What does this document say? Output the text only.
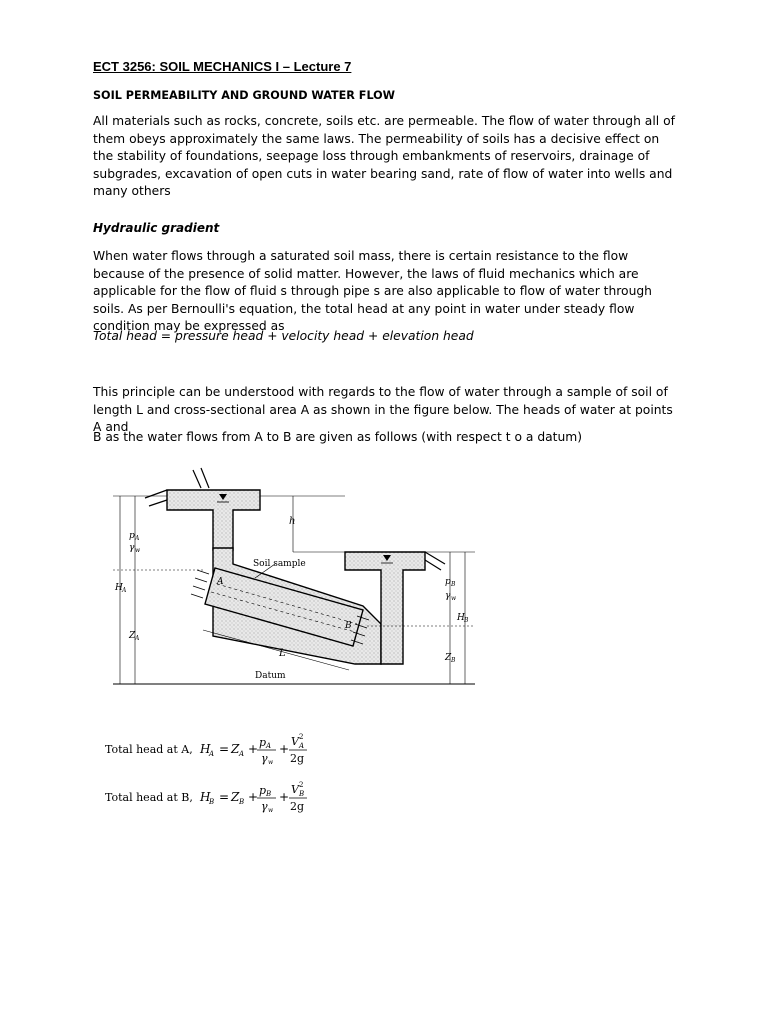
ECT 3256: SOIL MECHANICS I – Lecture 7

SOIL PERMEABILITY AND GROUND WATER FLOW

All materials such as rocks, concrete, soils etc. are permeable. The flow of water through all of them obeys approximately the same laws. The permeability of soils has a decisive effect on the stability of foundations, seepage loss through embankments of reservoirs, drainage of subgrades, excavation of open cuts in water bearing sand, rate of flow of water into wells and many others

Hydraulic gradient

When water flows through a saturated soil mass, there is certain resistance to the flow because of the presence of solid matter. However, the laws of fluid mechanics which are applicable for the flow of fluid s through pipe s are also applicable to flow of water through soils. As per Bernoulli's equation, the total head at any point in water under steady flow condition may be expressed as

Total head = pressure head + velocity head + elevation head

This principle can be understood with regards to the flow of water through a sample of soil of length L and cross-sectional area A as shown in the figure below. The heads of water at points A and

B as the water flows from A to B are given as follows (with respect t o a datum)

Soil sample
Datum
h
L
A
B
H A
Z A
p A
γ w
H B
Z B
p B
γ w
Total head at A, H
A = Z A + p A
γ w
+
V 2
A
2g
Total head at B, H
B = Z B + p B
γ w
+
V 2
B
2g
